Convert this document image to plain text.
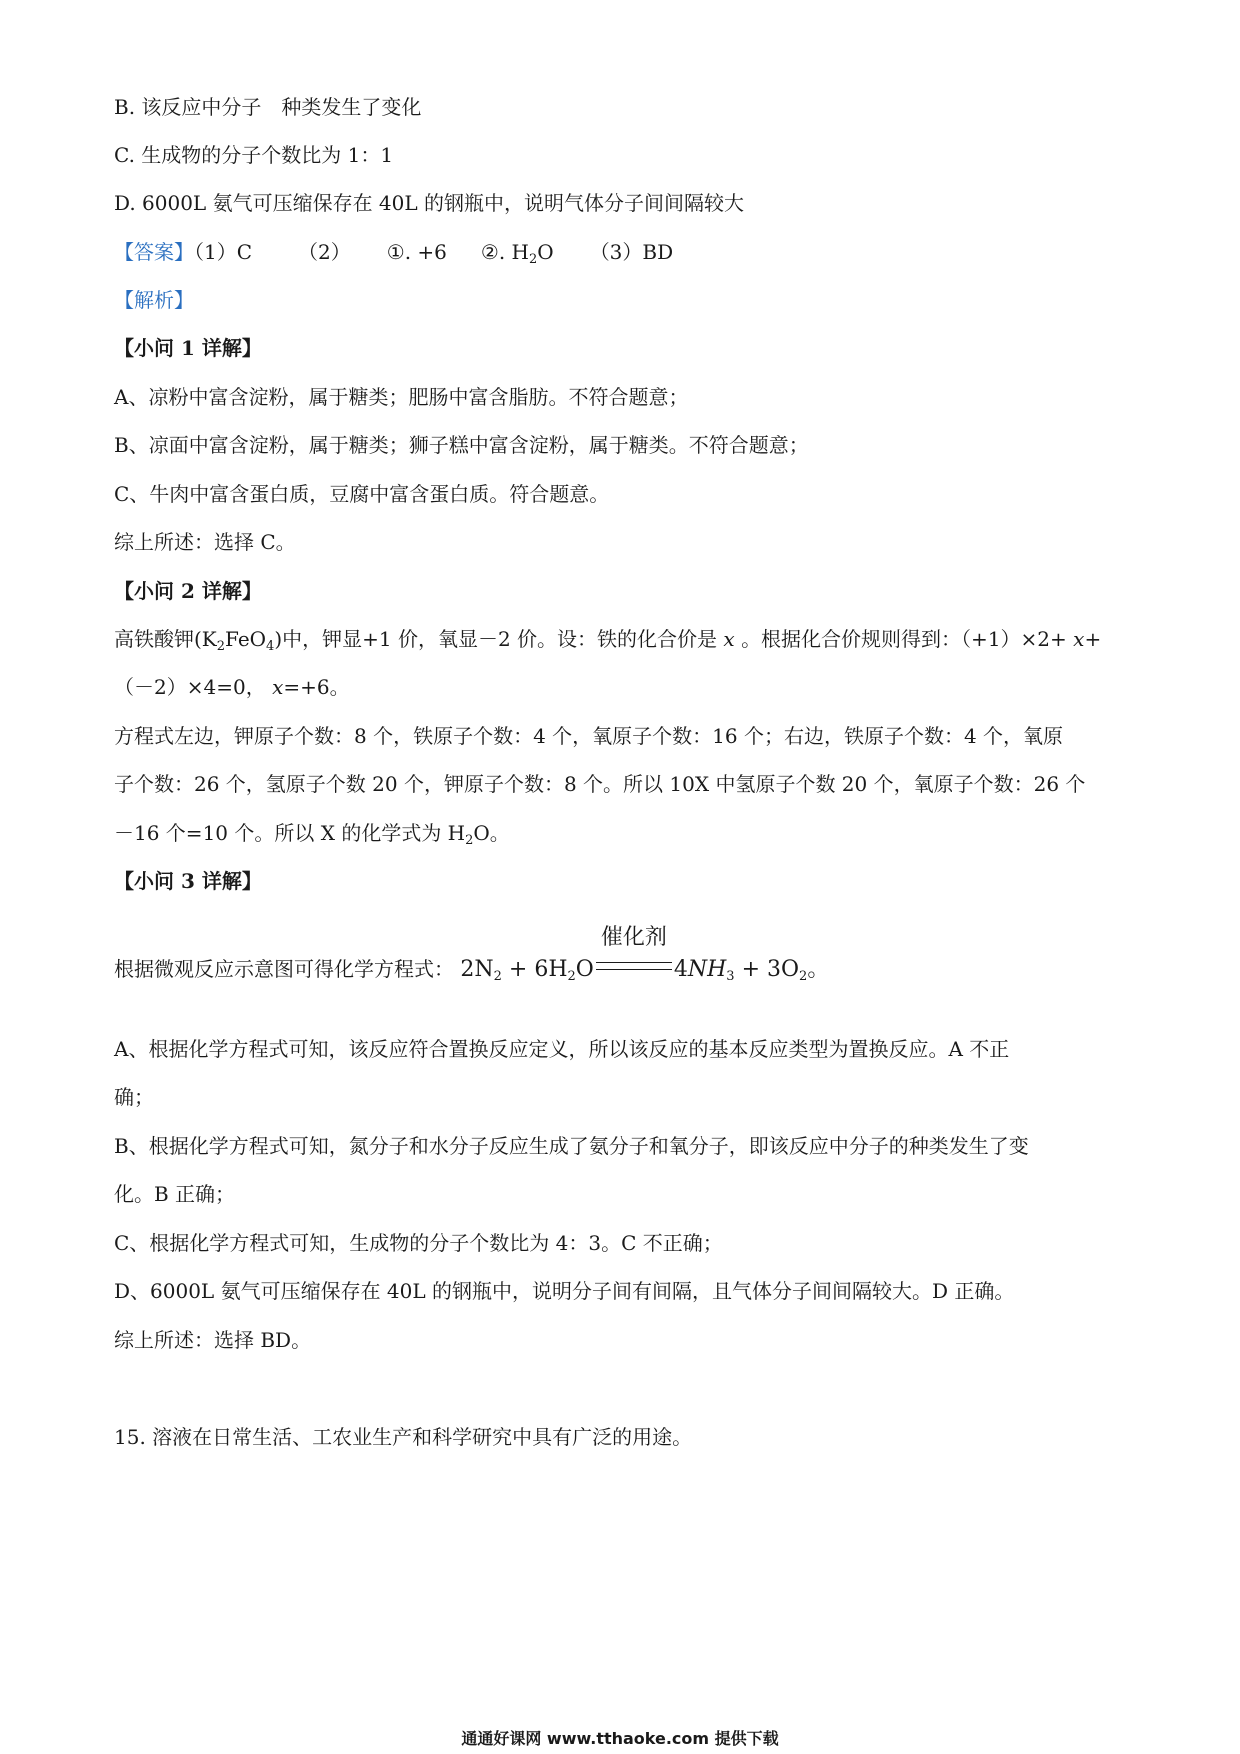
B. 该反应中分子　种类发生了变化
C. 生成物的分子个数比为 1：1
D. 6000L 氨气可压缩保存在 40L 的钢瓶中，说明气体分子间间隔较大
【答案】（1）C （2） ①. +6 ②. $H_2O$ （3）BD
【解析】
【小问 1 详解】
A、凉粉中富含淀粉，属于糖类；肥肠中富含脂肪。不符合题意；
B、凉面中富含淀粉，属于糖类；狮子糕中富含淀粉，属于糖类。不符合题意；
C、牛肉中富含蛋白质，豆腐中富含蛋白质。符合题意。
综上所述：选择 C。
【小问 2 详解】
高铁酸钾$(K_2FeO_4)$中，钾显+1 价，氧显－2 价。设：铁的化合价是 x 。根据化合价规则得到：（+1）×2+ x+
（－2）×4=0， x=+6。
方程式左边，钾原子个数：8 个，铁原子个数：4 个，氧原子个数：16 个；右边，铁原子个数：4 个，氧原
子个数：26 个，氢原子个数 20 个，钾原子个数：8 个。所以 10X 中氢原子个数 20 个，氧原子个数：26 个
－16 个=10 个。所以 X 的化学式为 $H_2O$。
【小问 3 详解】
根据微观反应示意图可得化学方程式： $2N_2 + 6H_2O$
催化剂
$4NH_3 + 3O_2$。
A、根据化学方程式可知，该反应符合置换反应定义，所以该反应的基本反应类型为置换反应。A 不正
确；
B、根据化学方程式可知，氮分子和水分子反应生成了氨分子和氧分子，即该反应中分子的种类发生了变
化。B 正确；
C、根据化学方程式可知，生成物的分子个数比为 4：3。C 不正确；
D、6000L 氨气可压缩保存在 40L 的钢瓶中，说明分子间有间隔，且气体分子间间隔较大。D 正确。
综上所述：选择 BD。
15. 溶液在日常生活、工农业生产和科学研究中具有广泛的用途。
通通好课网 www.tthaoke.com 提供下载
